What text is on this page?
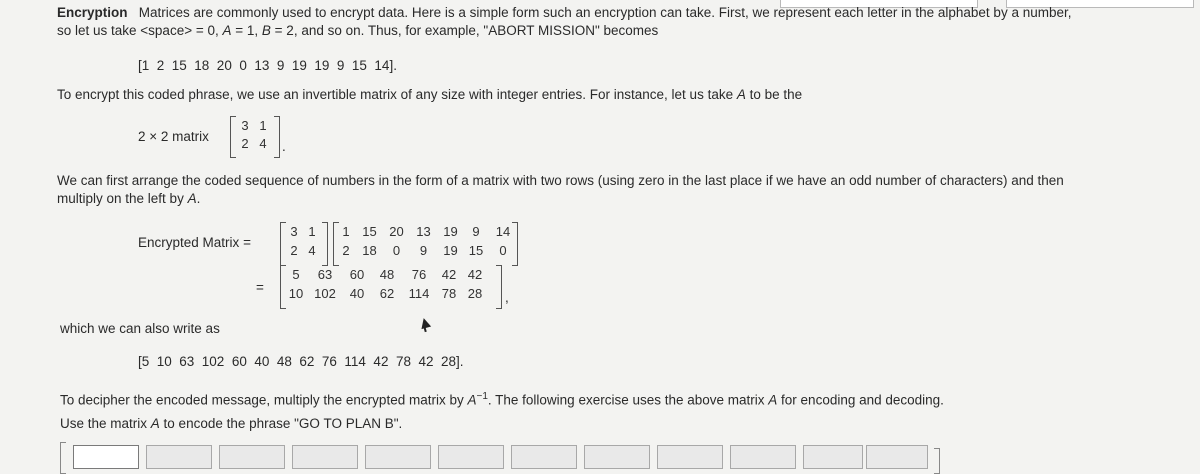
Encryption Matrices are commonly used to encrypt data. Here is a simple form such an encryption can take. First, we represent each letter in the alphabet by a number,
so let us take <space> = 0, A = 1, B = 2, and so on. Thus, for example, "ABORT MISSION" becomes
[1  2  15  18  20  0  13  9  19  19  9  15  14].
To encrypt this coded phrase, we use an invertible matrix of any size with integer entries. For instance, let us take A to be the
2 × 2 matrix
3 1
2 4	.
We can first arrange the coded sequence of numbers in the form of a matrix with two rows (using zero in the last place if we have an odd number of characters) and then
multiply on the left by A.
Encrypted Matrix =
3 1
2 4
1 15 20 13 19	9	14
2 18	0	9	19 15	0
=
5	63	60	48	76	42 42
10 102	40	62	114 78 28	,
which we can also write as
[5  10  63  102  60  40  48  62  76  114  42  78  42  28].
To decipher the encoded message, multiply the encrypted matrix by $A^{-1}$. The following exercise uses the above matrix A for encoding and decoding.
Use the matrix A to encode the phrase "GO TO PLAN B".
